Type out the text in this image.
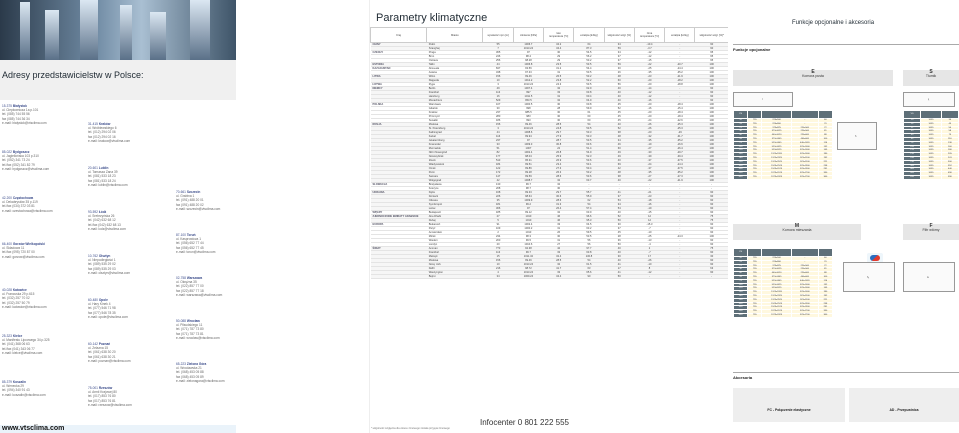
Adresy przedstawicielstw w Polsce:
15-375 Białystok
ul. Ciepłownicza 1a p.101
tel. (085) 744 55 56
fax (085) 744 36 34
e-mail: bialystok@vtsclima.com
85-022 Bydgoszcz
ul. Jagiellońska 103 p.310
tel. (052) 341 73 24
tel./fax (052) 341 82 79
e-mail: bydgoszcz@vtsclima.com
42-200 Częstochowa
ul. Dekabrystów 35 p.119
tel./fax (034) 372 03 81
e-mail: czestochowa@vtsclima.com
66-400 Gorzów Wielkopolski
ul. Składowa 11
tel./fax (095) 720 87 00
e-mail: gorzow@vtsclima.com
40-028 Katowice
ul. Francuska 29 p.615
tel. (032) 257 70 02
tel. (032) 257 50 79
e-mail: katowice@vtsclima.com
25-323 Kielce
ul. Manifestu Lipcowego 34 p.325
tel. (041) 368 06 63
tel./fax (041) 343 06 77
e-mail: kielce@vtsclima.com
85-379 Koszalin
ul. Wenecka 29
tel. (094) 340 91 43
e-mail: koszalin@vtsclima.com
31-415 Kraków
ul. Wróblewskiego 6
tel. (012) 294 02 06
fax (012) 294 02 16
e-mail: krakow@vtsclima.com
20-601 Lublin
ul. Tomasza Zana 39
tel. (081) 533 18 23
fax (081) 533 18 24
e-mail: lublin@vtsclima.com
93-592 Łódź
ul. Srebrzyńska 26
tel. (042) 632 68 12
tel./fax (042) 632 68 13
e-mail: lodz@vtsclima.com
10-762 Olsztyn
ul. Niepodległości 1
tel. (089) 535 29 02
fax (089) 535 29 03
e-mail: olsztyn@vtsclima.com
60-480 Opole
ul. Hary Kinek 4
tel. (077) 546 71 98
fax (077) 546 78 35
e-mail: opole@vtsclima.com
60-142 Poznań
ul. Zelazna 15
tel. (061) 638 30 20
fax (061) 638 30 21
e-mail: poznan@vtsclima.com
75-001 Rzeszów
ul. Armii Krajowej 80
tel. (017) 853 76 80
fax (017) 853 76 81
e-mail: rzeszow@vtsclima.com
70-661 Szczecin
ul. Grabina 1
tel. (091) 488 20 01
fax (091) 488 20 02
e-mail: szczecin@vtsclima.com
87-100 Toruń
ul. Kasprowicza 1
tel. (056) 652 77 44
fax (056) 652 77 45
e-mail: torun@vtsclima.com
02-758 Warszawa
ul. Okrężna 35
tel. (022) 857 77 00
fax (022) 857 77 18
e-mail: warszawa@vtsclima.com
50-088 Wrocław
ul. Pilsudskiego 11
tel. (071) 787 73 80
fax (071) 787 73 81
e-mail: wroclaw@vtsclima.com
65-223 Zielona Góra
ul. Wrocławska 21
tel. (068) 453 05 88
fax (068) 453 05 89
e-mail: zielonagora@vtsclima.com
www.vtsclima.com
Parametry klimatyczne
Kraj	Miasto	wysokość npm [m]	ciśnienie [hPa]	lato
temperatura [°C]	entalpia [kJ/kg]	wilgotność wzgl. [%]	zima
temperatura [°C]	entalpia [kJ/kg]	wilgotność wzgl. [%]*
CHINY	Pekin	55	1006.7	34.2	64	34	-10.4	-	90
	Szanghaj	7	1013.24	34.4	87.3	59	-3.7	-	90
CZECHY	Praga	365	97	30	54.5	34	-12	-	95
	Brno	246	98.4	29	56.2	37	-12	-	95
	Ostrava	256	98.28	29	53.2	37	-15	-	95
ESTONIA	Tallin	44	1006.8	23.5	53.5	59	-22	-20.7	100
KAZACHSTAN	Alma-ata	847	93.56	31.2	54.4	30	-25	-24.4	100
	Astana	348	97.33	31	53.5	26	-35	-35.2	100
LITWA	Wilno	156	99.46	26.5	53.2	48	-23	-21.9	100
	Kłajpeda	10	1012.2	23.8	52.2	60	-20	-18.2	100
ŁOTWA	Ryga	3	1013.24	24.3	53.5	56	-20	-18.8	100
NIEMCY	Berlin	49	1007.4	32	62.9	40	-14	-	90
	Frankfurt	113	997	33	63.8	40	-12	-	90
	Hamburg	16	1011.5	31	60.4	40	-12	-	90
	Monachium	529	953.5	32	64.9	40	-16	-	90
POLSKA	Warszawa	107	1000.5	30	60.8	45	-20	-18.4	100
	Gdańsk	30	998	28	59.9	52	-16	-15.4	100
	Kraków	237	985.5	30	61	45	-20	-18.4	100
	Przemyśl	280	983	30	60	45	-20	-18.4	100
	Suwałki	186	993	30	60	45	-24	-22.6	100
ROSJA	Moskwa	156	99.46	28.5	54	40	-26	-25.3	100
	St. Petersburg	3	1013.24	24.8	53.5	52	-26	-25.3	100
	Kaliningrad	44	1008.6	29.7	53.3	38	-20	-29	100
	Kazań	116	99.94	27.9	53.3	48	-32	-31.7	100
	Jekaterinburg	237	97	28.7	53.5	34	-35	-35.2	100
	Krasnodar	33	1009.3	30.8	63.6	46	-19	-16.6	100
	Murmańsk	51	1007	22	51.4	60	-27	-26.4	100
	Niżni Nowogród	82	1002.4	26.8	54.9	49	-30	-29.7	100
	Nowosybirsk	177	98.04	25.9	52.3	49	-39	-39.4	100
	Irkuck	513	95.31	26.9	53.6	40	-37	-37.5	100
	Władywostok	184	99.51	23.4	53.1	69	-24	-24.4	100
	Omsk	122	99.86	27.3	53.4	42	-37	-37.5	100
	Perm	172	99.28	26.3	53.2	48	-35	-35.2	100
	Samara	147	99.59	28.6	53.6	38	-27	-27.3	100
	Wołgograd	42	1008.7	32	63.7	40	-22	-21.9	100
SŁOWACJA	Bratysława	130	99.7	32	-	-	-	-	-
	Koszyce	208	98.7	30	-	-	-	-	-
UKRAINA	Kijów	168	99.33	29.7	55.7	41	-21	-	90
	Donieck	226	98.64	30.6	55.9	37	-23	-	90
	Odessa	35	1009.9	28.6	62	53	-18	-	90
	Symferopol	181	99.2	31.3	54	34	-16	-	90
	Lwów	306	97	26.4	57.4	54	-19	-	90
WĘGRY	Budapeszt	185	99.12	32	63.9	40	-15	-	90
ZJEDNOCZONE EMIRATY ARABSKIE	Abu-Dhabi	27	1010	46	96.6	52	12	-	75
	Dubaj	5	1010	46	95.3	50	12	-	75
EUROPA	Bukareszt	91	1002.4	33	64.5	30	-15.3	-	90
	Paryż	109	1000.2	31	63.2	37	-7	-	90
	Amsterdam	2	1013	26	59.5	45	-10	-	90
	Mińsk	234	98.3	30	53.5	28	-25	-24.3	100
	Wiedeń	200	99.5	31	56	36	-13	-	90
	Londyn	20	1010.6	27	56	50	-4	-	90
ŚWIAT	Amman	773	92.38	42	97.7	40	2	-	75
	Frankfurt	113	99.7	33	63.8	40	-7	-	90
	Meksyk	15	1011.34	32.4	130.8	30	17	-	30
	Moskwa	156	99.46	28.5	54	40	-26	-	90
	Nowy Jork	10	1013.24	32	61.5	41	-10	-	90
	Delhi	216	98.72	41.7	63	17	8	-	63
	Waszyngton	4	1013.24	33	65.6	41	-12	-	90
	Bejrut	34	1009.24	34.4	90	50	-	-	-
* wilgotność względna dla okresu zimowego została przyjęta zimowego
Infocenter 0 801 222 555
Funkcje opcjonalne i akcesoria
Funkcje opcjonalne
E
Komora pusta
S
Tłumik
l	l₁
VS				
10	755	220x500	-	60
15	755	220x800	-	70
21	755	373x825	220x500	72
30	755	373x1025	220x500	81
40	755	440x1020	220x600	88
55	755	373x1445	440x600	100
75	755	523x1445	440x1020	116
100	755	523x1625	523x1000	132
120	755	523x2025	523x1000	145
150	755	1123x1920	523x1000	180
180	755	1123x2325	523x1100	192
230	755	1123x2525	523x1100	221
300	755	1523x2525	523x1300	238
400	755	1523x3125	523x1300	291
500	755	1973x3125	523x1700	330
650	755	1973x3325	523x1700	360
VS		
10	1055	36
15	1055	45
21	1055	50
30	1055	58
40	1055	75
55	1055	116
75	1055	136
100	1055	160
120	1055	180
150	1055	205
180	1055	241
230	1055	300
300	1055	352
400	1055	440
500	1055	490
650	1055	590
h
M
Komora mieszania
F
Filtr wtórny
VS				
10	755	220x500	-	60
15	755	220x800	-	70
21	755	373x825	220x500	72
30	755	373x1025	220x500	81
40	755	440x1020	220x600	88
55	755	373x1445	440x600	100
75	755	523x1445	440x1020	116
100	755	523x1625	523x1000	132
120	755	523x2025	523x1000	145
150	755	1123x1920	523x1000	180
180	755	1123x2325	523x1100	192
230	755	1123x2525	523x1100	221
300	755	1523x2525	523x1300	238
400	755	1523x3125	523x1300	291
500	755	1973x3125	523x1700	330
650	755	1973x3325	523x1700	360
h₁	w
Akcesoria
FC - Połączenie elastyczne	AD - Przepustnica
